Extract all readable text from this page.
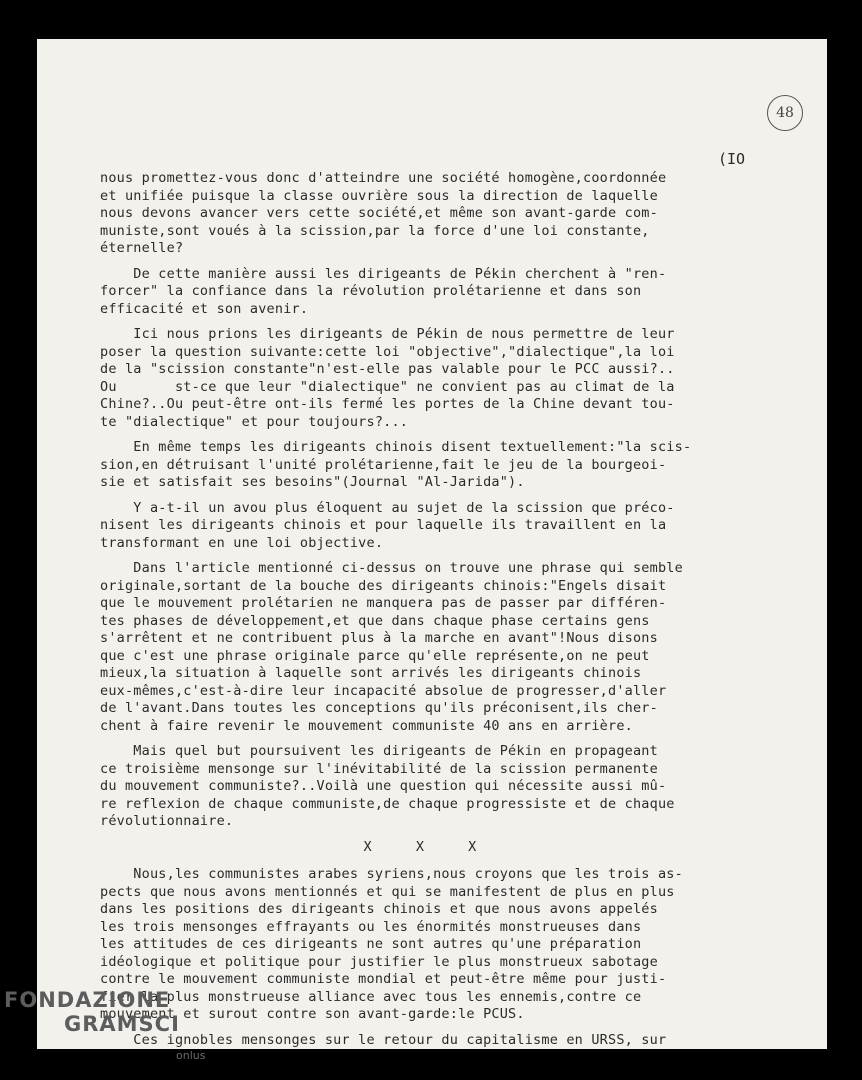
48
(IO
nous promettez-vous donc d'atteindre une société homogène,coordonnée
et unifiée puisque la classe ouvrière sous la direction de laquelle
nous devons avancer vers cette société,et même son avant-garde com-
muniste,sont voués à la scission,par la force d'une loi constante,
éternelle?
De cette manière aussi les dirigeants de Pékin cherchent à "ren-
forcer" la confiance dans la révolution prolétarienne et dans son
efficacité et son avenir.
Ici nous prions les dirigeants de Pékin de nous permettre de leur
poser la question suivante:cette loi "objective","dialectique",la loi
de la "scission constante"n'est-elle pas valable pour le PCC aussi?..
Ou       st-ce que leur "dialectique" ne convient pas au climat de la
Chine?..Ou peut-être ont-ils fermé les portes de la Chine devant tou-
te "dialectique" et pour toujours?...
En même temps les dirigeants chinois disent textuellement:"la scis-
sion,en détruisant l'unité prolétarienne,fait le jeu de la bourgeoi-
sie et satisfait ses besoins"(Journal "Al-Jarida").
Y a-t-il un avou plus éloquent au sujet de la scission que préco-
nisent les dirigeants chinois et pour laquelle ils travaillent en la
transformant en une loi objective.
Dans l'article mentionné ci-dessus on trouve une phrase qui semble
originale,sortant de la bouche des dirigeants chinois:"Engels disait
que le mouvement prolétarien ne manquera pas de passer par différen-
tes phases de développement,et que dans chaque phase certains gens
s'arrêtent et ne contribuent plus à la marche en avant"!Nous disons
que c'est une phrase originale parce qu'elle représente,on ne peut
mieux,la situation à laquelle sont arrivés les dirigeants chinois
eux-mêmes,c'est-à-dire leur incapacité absolue de progresser,d'aller
de l'avant.Dans toutes les conceptions qu'ils préconisent,ils cher-
chent à faire revenir le mouvement communiste 40 ans en arrière.
Mais quel but poursuivent les dirigeants de Pékin en propageant
ce troisième mensonge sur l'inévitabilité de la scission permanente
du mouvement communiste?..Voilà une question qui nécessite aussi mû-
re reflexion de chaque communiste,de chaque progressiste et de chaque
révolutionnaire.
X	X	X
Nous,les communistes arabes syriens,nous croyons que les trois as-
pects que nous avons mentionnés et qui se manifestent de plus en plus
dans les positions des dirigeants chinois et que nous avons appelés
les trois mensonges effrayants ou les énormités monstrueuses dans
les attitudes de ces dirigeants ne sont autres qu'une préparation
idéologique et politique pour justifier le plus monstrueux sabotage
contre le mouvement communiste mondial et peut-être même pour justi-
fier la plus monstrueuse alliance avec tous les ennemis,contre ce
mouvement et surout contre son avant-garde:le PCUS.
Ces ignobles mensonges sur le retour du capitalisme en URSS, sur
FONDAZIONE
GRAMSCI
onlus
